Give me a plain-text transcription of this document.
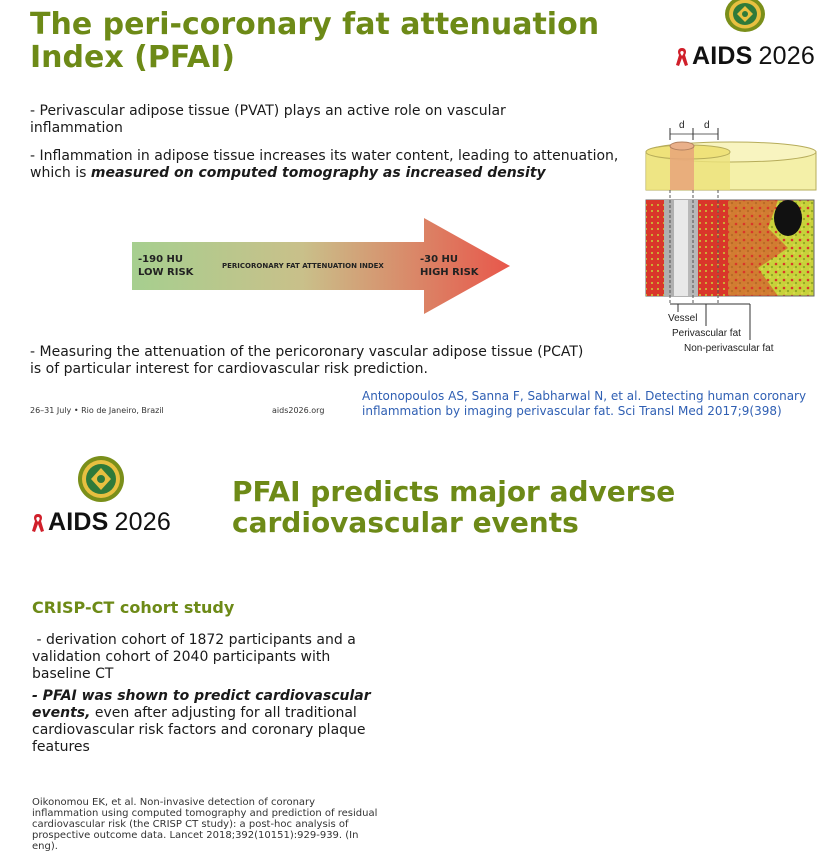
The peri-coronary fat attenuation Index (PFAI)	AIDS 2026
- Perivascular adipose tissue (PVAT) plays an active role on vascular inflammation
- Inflammation in adipose tissue increases its water content, leading to attenuation, which is measured on computed tomography as increased density
-190 HU
LOW RISK
PERICORONARY FAT ATTENUATION INDEX
-30 HU
HIGH RISK
d d
Vessel
Perivascular fat
Non-perivascular fat
- Measuring the attenuation of the pericoronary vascular adipose tissue (PCAT) is of particular interest for cardiovascular risk prediction.
26–31 July • Rio de Janeiro, Brazil	aids2026.org
Antonopoulos AS, Sanna F, Sabharwal N, et al. Detecting human coronary inflammation by imaging perivascular fat. Sci Transl Med 2017;9(398)
AIDS 2026
PFAI predicts major adverse cardiovascular events
CRISP-CT cohort study
- derivation cohort of 1872 participants and a validation cohort of 2040 participants with baseline CT
- PFAI was shown to predict cardiovascular events, even after adjusting for all traditional cardiovascular risk factors and coronary plaque features
Oikonomou EK, et al. Non-invasive detection of coronary inflammation using computed tomography and prediction of residual cardiovascular risk (the CRISP CT study): a post-hoc analysis of prospective outcome data. Lancet 2018;392(10151):929-939. (In eng).
